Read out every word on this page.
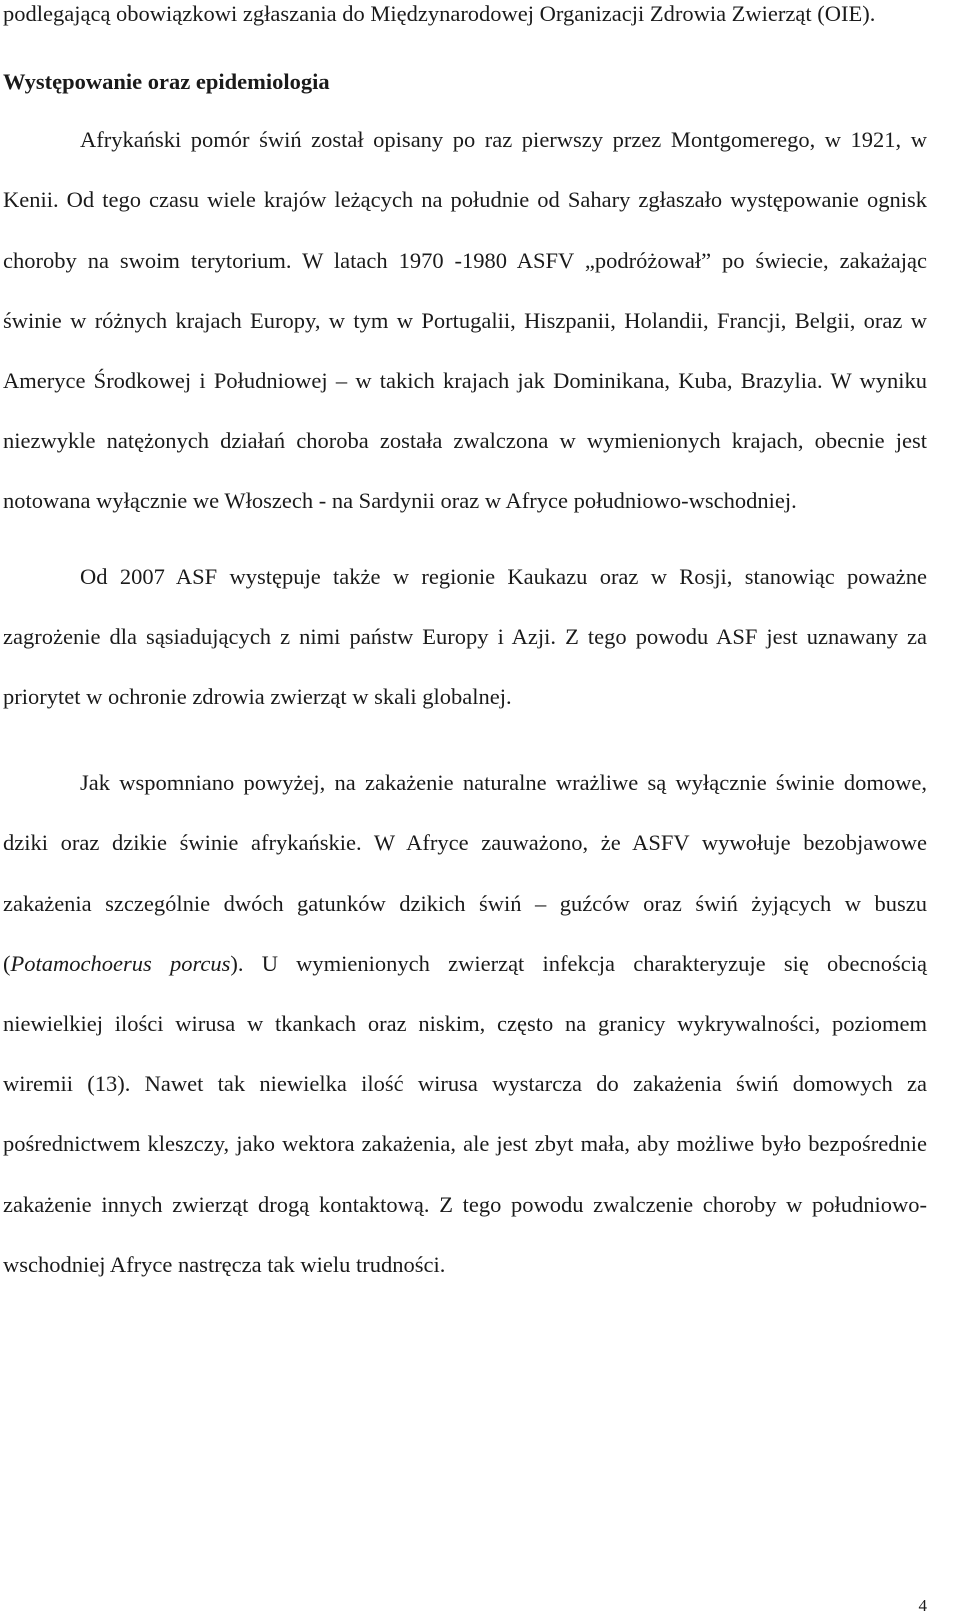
podlegającą obowiązkowi zgłaszania do Międzynarodowej Organizacji Zdrowia Zwierząt (OIE).

Występowanie oraz epidemiologia

Afrykański pomór świń został opisany po raz pierwszy przez Montgomerego, w 1921, w Kenii. Od tego czasu wiele krajów leżących na południe od Sahary zgłaszało występowanie ognisk choroby na swoim terytorium. W latach 1970 -1980 ASFV „podróżował” po świecie, zakażając świnie w różnych krajach Europy, w tym w Portugalii, Hiszpanii, Holandii, Francji, Belgii, oraz w Ameryce Środkowej i Południowej – w takich krajach jak Dominikana, Kuba, Brazylia. W wyniku niezwykle natężonych działań choroba została zwalczona w wymienionych krajach, obecnie jest notowana wyłącznie we Włoszech - na Sardynii oraz w Afryce południowo-wschodniej.

Od 2007 ASF występuje także w regionie Kaukazu oraz w Rosji, stanowiąc poważne zagrożenie dla sąsiadujących z nimi państw Europy i Azji. Z tego powodu ASF jest uznawany za priorytet w ochronie zdrowia zwierząt w skali globalnej.

Jak wspomniano powyżej, na zakażenie naturalne wrażliwe są wyłącznie świnie domowe, dziki oraz dzikie świnie afrykańskie. W Afryce zauważono, że ASFV wywołuje bezobjawowe zakażenia szczególnie dwóch gatunków dzikich świń – guźców oraz świń żyjących w buszu (Potamochoerus porcus). U wymienionych zwierząt infekcja charakteryzuje się obecnością niewielkiej ilości wirusa w tkankach oraz niskim, często na granicy wykrywalności, poziomem wiremii (13). Nawet tak niewielka ilość wirusa wystarcza do zakażenia świń domowych za pośrednictwem kleszczy, jako wektora zakażenia, ale jest zbyt mała, aby możliwe było bezpośrednie zakażenie innych zwierząt drogą kontaktową. Z tego powodu zwalczenie choroby w południowo-wschodniej Afryce nastręcza tak wielu trudności.

4
